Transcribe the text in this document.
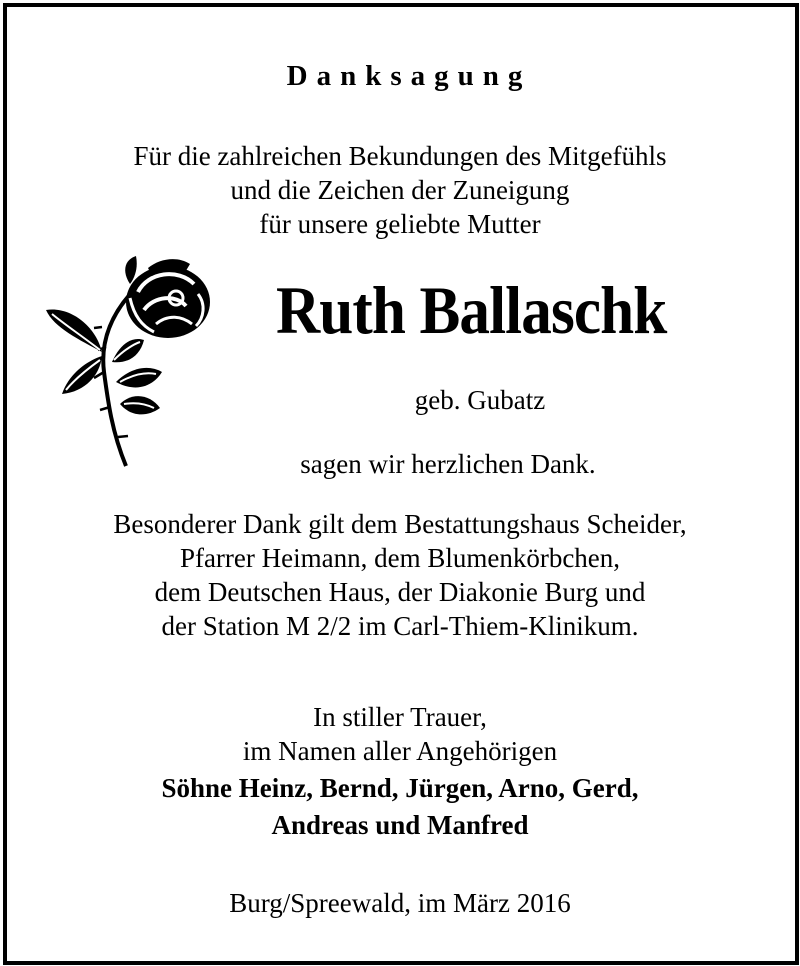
Danksagung
Für die zahlreichen Bekundungen des Mitgefühls
und die Zeichen der Zuneigung
für unsere geliebte Mutter
Ruth Ballaschk
geb. Gubatz
sagen wir herzlichen Dank.
Besonderer Dank gilt dem Bestattungshaus Scheider,
Pfarrer Heimann, dem Blumenkörbchen,
dem Deutschen Haus, der Diakonie Burg und
der Station M 2/2 im Carl-Thiem-Klinikum.
In stiller Trauer,
im Namen aller Angehörigen
Söhne Heinz, Bernd, Jürgen, Arno, Gerd,
Andreas und Manfred
Burg/Spreewald, im März 2016
